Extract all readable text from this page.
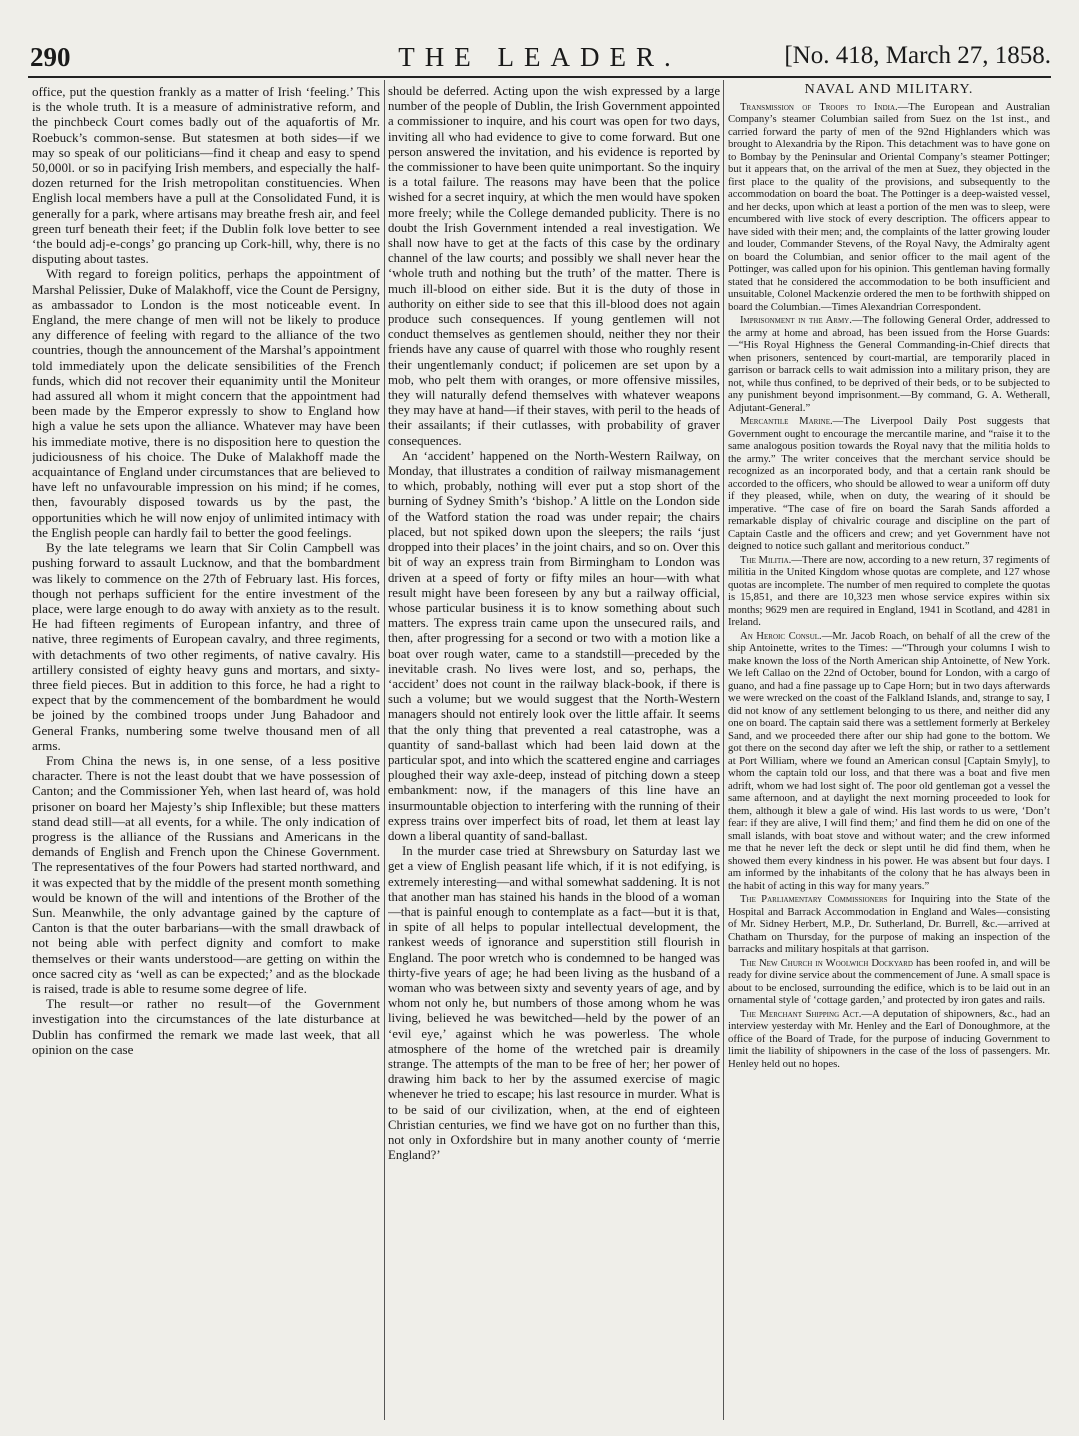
290	THE LEADER.	[No. 418, March 27, 1858.

office, put the question frankly as a matter of Irish ‘feeling.’ This is the whole truth. It is a measure of administrative reform, and the pinchbeck Court comes badly out of the aquafortis of Mr. Roebuck’s common-sense. But statesmen at both sides—if we may so speak of our politicians—find it cheap and easy to spend 50,000l. or so in pacifying Irish members, and especially the half-dozen returned for the Irish metropolitan constituencies. When English local members have a pull at the Consolidated Fund, it is generally for a park, where artisans may breathe fresh air, and feel green turf beneath their feet; if the Dublin folk love better to see ‘the bould adj-e-congs’ go prancing up Cork-hill, why, there is no disputing about tastes.

With regard to foreign politics, perhaps the appointment of Marshal Pelissier, Duke of Malakhoff, vice the Count de Persigny, as ambassador to London is the most noticeable event. In England, the mere change of men will not be likely to produce any difference of feeling with regard to the alliance of the two countries, though the announcement of the Marshal’s appointment told immediately upon the delicate sensibilities of the French funds, which did not recover their equanimity until the Moniteur had assured all whom it might concern that the appointment had been made by the Emperor expressly to show to England how high a value he sets upon the alliance. Whatever may have been his immediate motive, there is no disposition here to question the judiciousness of his choice. The Duke of Malakhoff made the acquaintance of England under circumstances that are believed to have left no unfavourable impression on his mind; if he comes, then, favourably disposed towards us by the past, the opportunities which he will now enjoy of unlimited intimacy with the English people can hardly fail to better the good feelings.

By the late telegrams we learn that Sir Colin Campbell was pushing forward to assault Lucknow, and that the bombardment was likely to commence on the 27th of February last. His forces, though not perhaps sufficient for the entire investment of the place, were large enough to do away with anxiety as to the result. He had fifteen regiments of European infantry, and three of native, three regiments of European cavalry, and three regiments, with detachments of two other regiments, of native cavalry. His artillery consisted of eighty heavy guns and mortars, and sixty-three field pieces. But in addition to this force, he had a right to expect that by the commencement of the bombardment he would be joined by the combined troops under Jung Bahadoor and General Franks, numbering some twelve thousand men of all arms.

From China the news is, in one sense, of a less positive character. There is not the least doubt that we have possession of Canton; and the Commissioner Yeh, when last heard of, was hold prisoner on board her Majesty’s ship Inflexible; but these matters stand dead still—at all events, for a while. The only indication of progress is the alliance of the Russians and Americans in the demands of English and French upon the Chinese Government. The representatives of the four Powers had started northward, and it was expected that by the middle of the present month something would be known of the will and intentions of the Brother of the Sun. Meanwhile, the only advantage gained by the capture of Canton is that the outer barbarians—with the small drawback of not being able with perfect dignity and comfort to make themselves or their wants understood—are getting on within the once sacred city as ‘well as can be expected;’ and as the blockade is raised, trade is able to resume some degree of life.

The result—or rather no result—of the Government investigation into the circumstances of the late disturbance at Dublin has confirmed the remark we made last week, that all opinion on the case

should be deferred. Acting upon the wish expressed by a large number of the people of Dublin, the Irish Government appointed a commissioner to inquire, and his court was open for two days, inviting all who had evidence to give to come forward. But one person answered the invitation, and his evidence is reported by the commissioner to have been quite unimportant. So the inquiry is a total failure. The reasons may have been that the police wished for a secret inquiry, at which the men would have spoken more freely; while the College demanded publicity. There is no doubt the Irish Government intended a real investigation. We shall now have to get at the facts of this case by the ordinary channel of the law courts; and possibly we shall never hear the ‘whole truth and nothing but the truth’ of the matter. There is much ill-blood on either side. But it is the duty of those in authority on either side to see that this ill-blood does not again produce such consequences. If young gentlemen will not conduct themselves as gentlemen should, neither they nor their friends have any cause of quarrel with those who roughly resent their ungentlemanly conduct; if policemen are set upon by a mob, who pelt them with oranges, or more offensive missiles, they will naturally defend themselves with whatever weapons they may have at hand—if their staves, with peril to the heads of their assailants; if their cutlasses, with probability of graver consequences.

An ‘accident’ happened on the North-Western Railway, on Monday, that illustrates a condition of railway mismanagement to which, probably, nothing will ever put a stop short of the burning of Sydney Smith’s ‘bishop.’ A little on the London side of the Watford station the road was under repair; the chairs placed, but not spiked down upon the sleepers; the rails ‘just dropped into their places’ in the joint chairs, and so on. Over this bit of way an express train from Birmingham to London was driven at a speed of forty or fifty miles an hour—with what result might have been foreseen by any but a railway official, whose particular business it is to know something about such matters. The express train came upon the unsecured rails, and then, after progressing for a second or two with a motion like a boat over rough water, came to a standstill—preceded by the inevitable crash. No lives were lost, and so, perhaps, the ‘accident’ does not count in the railway black-book, if there is such a volume; but we would suggest that the North-Western managers should not entirely look over the little affair. It seems that the only thing that prevented a real catastrophe, was a quantity of sand-ballast which had been laid down at the particular spot, and into which the scattered engine and carriages ploughed their way axle-deep, instead of pitching down a steep embankment: now, if the managers of this line have an insurmountable objection to interfering with the running of their express trains over imperfect bits of road, let them at least lay down a liberal quantity of sand-ballast.

In the murder case tried at Shrewsbury on Saturday last we get a view of English peasant life which, if it is not edifying, is extremely interesting—and withal somewhat saddening. It is not that another man has stained his hands in the blood of a woman—that is painful enough to contemplate as a fact—but it is that, in spite of all helps to popular intellectual development, the rankest weeds of ignorance and superstition still flourish in England. The poor wretch who is condemned to be hanged was thirty-five years of age; he had been living as the husband of a woman who was between sixty and seventy years of age, and by whom not only he, but numbers of those among whom he was living, believed he was bewitched—held by the power of an ‘evil eye,’ against which he was powerless. The whole atmosphere of the home of the wretched pair is dreamily strange. The attempts of the man to be free of her; her power of drawing him back to her by the assumed exercise of magic whenever he tried to escape; his last resource in murder. What is to be said of our civilization, when, at the end of eighteen Christian centuries, we find we have got on no further than this, not only in Oxfordshire but in many another county of ‘merrie England?’

NAVAL AND MILITARY.

Transmission of Troops to India.—The European and Australian Company’s steamer Columbian sailed from Suez on the 1st inst., and carried forward the party of men of the 92nd Highlanders which was brought to Alexandria by the Ripon. This detachment was to have gone on to Bombay by the Peninsular and Oriental Company’s steamer Pottinger; but it appears that, on the arrival of the men at Suez, they objected in the first place to the quality of the provisions, and subsequently to the accommodation on board the boat. The Pottinger is a deep-waisted vessel, and her decks, upon which at least a portion of the men was to sleep, were encumbered with live stock of every description. The officers appear to have sided with their men; and, the complaints of the latter growing louder and louder, Commander Stevens, of the Royal Navy, the Admiralty agent on board the Columbian, and senior officer to the mail agent of the Pottinger, was called upon for his opinion. This gentleman having formally stated that he considered the accommodation to be both insufficient and unsuitable, Colonel Mackenzie ordered the men to be forthwith shipped on board the Columbian.—Times Alexandrian Correspondent.

Imprisonment in the Army.—The following General Order, addressed to the army at home and abroad, has been issued from the Horse Guards:—“His Royal Highness the General Commanding-in-Chief directs that when prisoners, sentenced by court-martial, are temporarily placed in garrison or barrack cells to wait admission into a military prison, they are not, while thus confined, to be deprived of their beds, or to be subjected to any punishment beyond imprisonment.—By command, G. A. Wetherall, Adjutant-General.”

Mercantile Marine.—The Liverpool Daily Post suggests that Government ought to encourage the mercantile marine, and “raise it to the same analogous position towards the Royal navy that the militia holds to the army.” The writer conceives that the merchant service should be recognized as an incorporated body, and that a certain rank should be accorded to the officers, who should be allowed to wear a uniform off duty if they pleased, while, when on duty, the wearing of it should be imperative. “The case of fire on board the Sarah Sands afforded a remarkable display of chivalric courage and discipline on the part of Captain Castle and the officers and crew; and yet Government have not deigned to notice such gallant and meritorious conduct.”

The Militia.—There are now, according to a new return, 37 regiments of militia in the United Kingdom whose quotas are complete, and 127 whose quotas are incomplete. The number of men required to complete the quotas is 15,851, and there are 10,323 men whose service expires within six months; 9629 men are required in England, 1941 in Scotland, and 4281 in Ireland.

An Heroic Consul.—Mr. Jacob Roach, on behalf of all the crew of the ship Antoinette, writes to the Times: —“Through your columns I wish to make known the loss of the North American ship Antoinette, of New York. We left Callao on the 22nd of October, bound for London, with a cargo of guano, and had a fine passage up to Cape Horn; but in two days afterwards we were wrecked on the coast of the Falkland Islands, and, strange to say, I did not know of any settlement belonging to us there, and neither did any one on board. The captain said there was a settlement formerly at Berkeley Sand, and we proceeded there after our ship had gone to the bottom. We got there on the second day after we left the ship, or rather to a settlement at Port William, where we found an American consul [Captain Smyly], to whom the captain told our loss, and that there was a boat and five men adrift, whom we had lost sight of. The poor old gentleman got a vessel the same afternoon, and at daylight the next morning proceeded to look for them, although it blew a gale of wind. His last words to us were, ‘Don’t fear: if they are alive, I will find them;’ and find them he did on one of the small islands, with boat stove and without water; and the crew informed me that he never left the deck or slept until he did find them, when he showed them every kindness in his power. He was absent but four days. I am informed by the inhabitants of the colony that he has always been in the habit of acting in this way for many years.”

The Parliamentary Commissioners for Inquiring into the State of the Hospital and Barrack Accommodation in England and Wales—consisting of Mr. Sidney Herbert, M.P., Dr. Sutherland, Dr. Burrell, &c.—arrived at Chatham on Thursday, for the purpose of making an inspection of the barracks and military hospitals at that garrison.

The New Church in Woolwich Dockyard has been roofed in, and will be ready for divine service about the commencement of June. A small space is about to be enclosed, surrounding the edifice, which is to be laid out in an ornamental style of ‘cottage garden,’ and protected by iron gates and rails.

The Merchant Shipping Act.—A deputation of shipowners, &c., had an interview yesterday with Mr. Henley and the Earl of Donoughmore, at the office of the Board of Trade, for the purpose of inducing Government to limit the liability of shipowners in the case of the loss of passengers. Mr. Henley held out no hopes.
